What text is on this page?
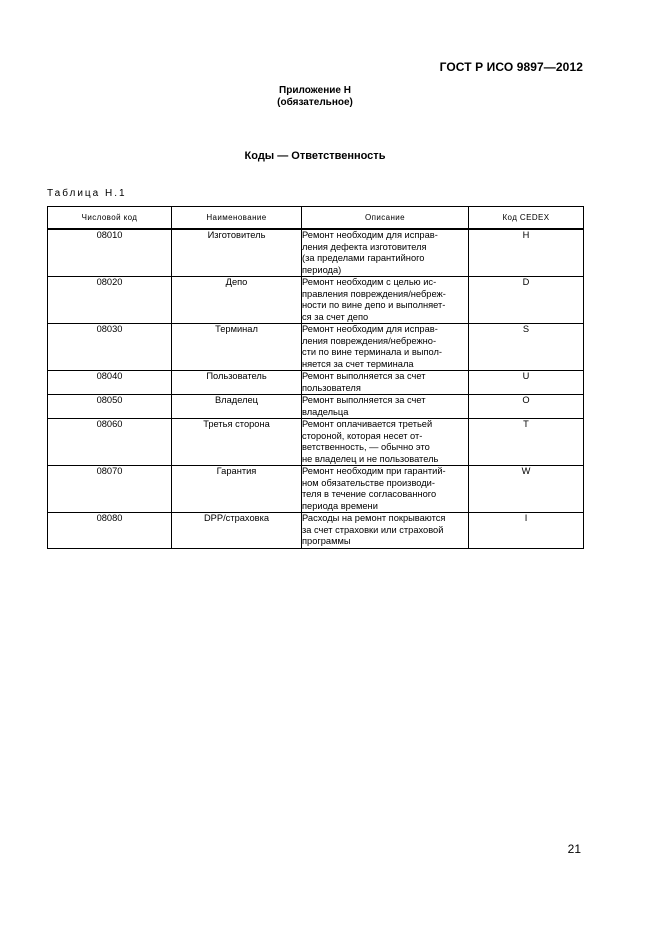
ГОСТ Р ИСО 9897—2012
Приложение H
(обязательное)
Коды — Ответственность
Таблица Н.1
Числовой код	Наименование	Описание	Код CEDEX
08010	Изготовитель	Ремонт необходим для исправ-
ления дефекта изготовителя
(за пределами гарантийного
периода)	H
08020	Депо	Ремонт необходим с целью ис-
правления повреждения/небреж-
ности по вине депо и выполняет-
ся за счет депо	D
08030	Терминал	Ремонт необходим для исправ-
ления повреждения/небрежно-
сти по вине терминала и выпол-
няется за счет терминала	S
08040	Пользователь	Ремонт выполняется за счет
пользователя	U
08050	Владелец	Ремонт выполняется за счет
владельца	O
08060	Третья сторона	Ремонт оплачивается третьей
стороной, которая несет от-
ветственность, — обычно это
не владелец и не пользователь	T
08070	Гарантия	Ремонт необходим при гарантий-
ном обязательстве производи-
теля в течение согласованного
периода времени	W
08080	DPP/страховка	Расходы на ремонт покрываются
за счет страховки или страховой
программы	I
21
